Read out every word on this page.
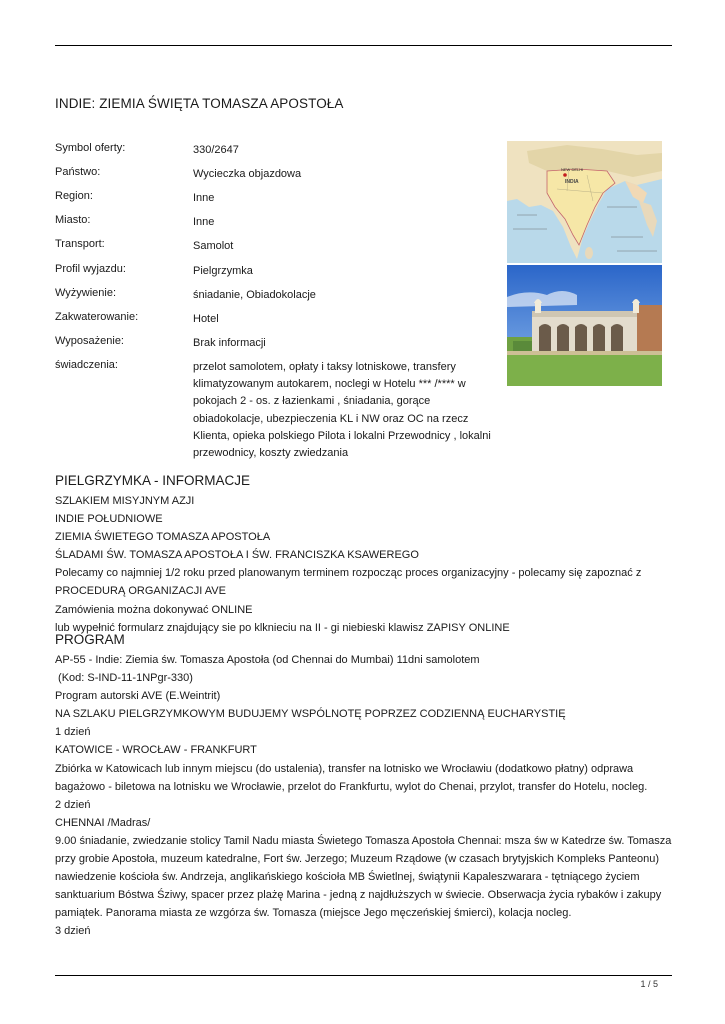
INDIE: ZIEMIA ŚWIĘTA TOMASZA APOSTOŁA
Symbol oferty:	330/2647
Państwo:	Wycieczka objazdowa
Region:	Inne
Miasto:	Inne
Transport:	Samolot
Profil wyjazdu:	Pielgrzymka
Wyżywienie:	śniadanie, Obiadokolacje
Zakwaterowanie:	Hotel
Wyposażenie:	Brak informacji
świadczenia:	przelot samolotem, opłaty i taksy lotniskowe, transfery klimatyzowanym autokarem, noclegi w Hotelu *** /**** w pokojach 2 - os. z łazienkami , śniadania, gorące obiadokolacje, ubezpieczenia KL i NW oraz OC na rzecz Klienta, opieka polskiego Pilota i lokalni Przewodnicy , lokalni przewodnicy, koszty zwiedzania
NEW DELHI
INDIA
PIELGRZYMKA - INFORMACJE
SZLAKIEM MISYJNYM AZJI
INDIE POŁUDNIOWE
ZIEMIA ŚWIETEGO TOMASZA APOSTOŁA
ŚLADAMI ŚW. TOMASZA APOSTOŁA I ŚW. FRANCISZKA KSAWEREGO
Polecamy co najmniej 1/2 roku przed planowanym terminem rozpocząc proces organizacyjny - polecamy się zapoznać z
PROCEDURĄ ORGANIZACJI AVE
Zamówienia można dokonywać ONLINE
lub wypełnić formularz znajdujący sie po klknieciu na II - gi niebieski klawisz ZAPISY ONLINE
PROGRAM
AP-55 - Indie: Ziemia św. Tomasza Apostoła (od Chennai do Mumbai) 11dni samolotem
(Kod: S-IND-11-1NPgr-330)
Program autorski AVE (E.Weintrit)
NA SZLAKU PIELGRZYMKOWYM BUDUJEMY WSPÓLNOTĘ POPRZEZ CODZIENNĄ EUCHARYSTIĘ
1 dzień
KATOWICE - WROCŁAW - FRANKFURT
Zbiórka w Katowicach lub innym miejscu (do ustalenia), transfer na lotnisko we Wrocławiu (dodatkowo płatny) odprawa bagażowo - biletowa na lotnisku we Wrocławie, przelot do Frankfurtu, wylot do Chenai, przylot, transfer do Hotelu, nocleg.
2 dzień
CHENNAI /Madras/
9.00 śniadanie, zwiedzanie stolicy Tamil Nadu miasta Świetego Tomasza Apostoła Chennai: msza św w Katedrze św. Tomasza przy grobie Apostoła, muzeum katedralne, Fort św. Jerzego; Muzeum Rządowe (w czasach brytyjskich Kompleks Panteonu) nawiedzenie kościoła św. Andrzeja, anglikańskiego kościoła MB Świetlnej, świątynii Kapaleszwarara - tętniącego życiem sanktuarium Bóstwa Śziwy, spacer przez plażę Marina - jedną z najdłuższych w świecie. Obserwacja życia rybaków i zakupy pamiątek. Panorama miasta ze wzgórza św. Tomasza (miejsce Jego męczeńskiej śmierci), kolacja nocleg.
3 dzień
1 / 5
